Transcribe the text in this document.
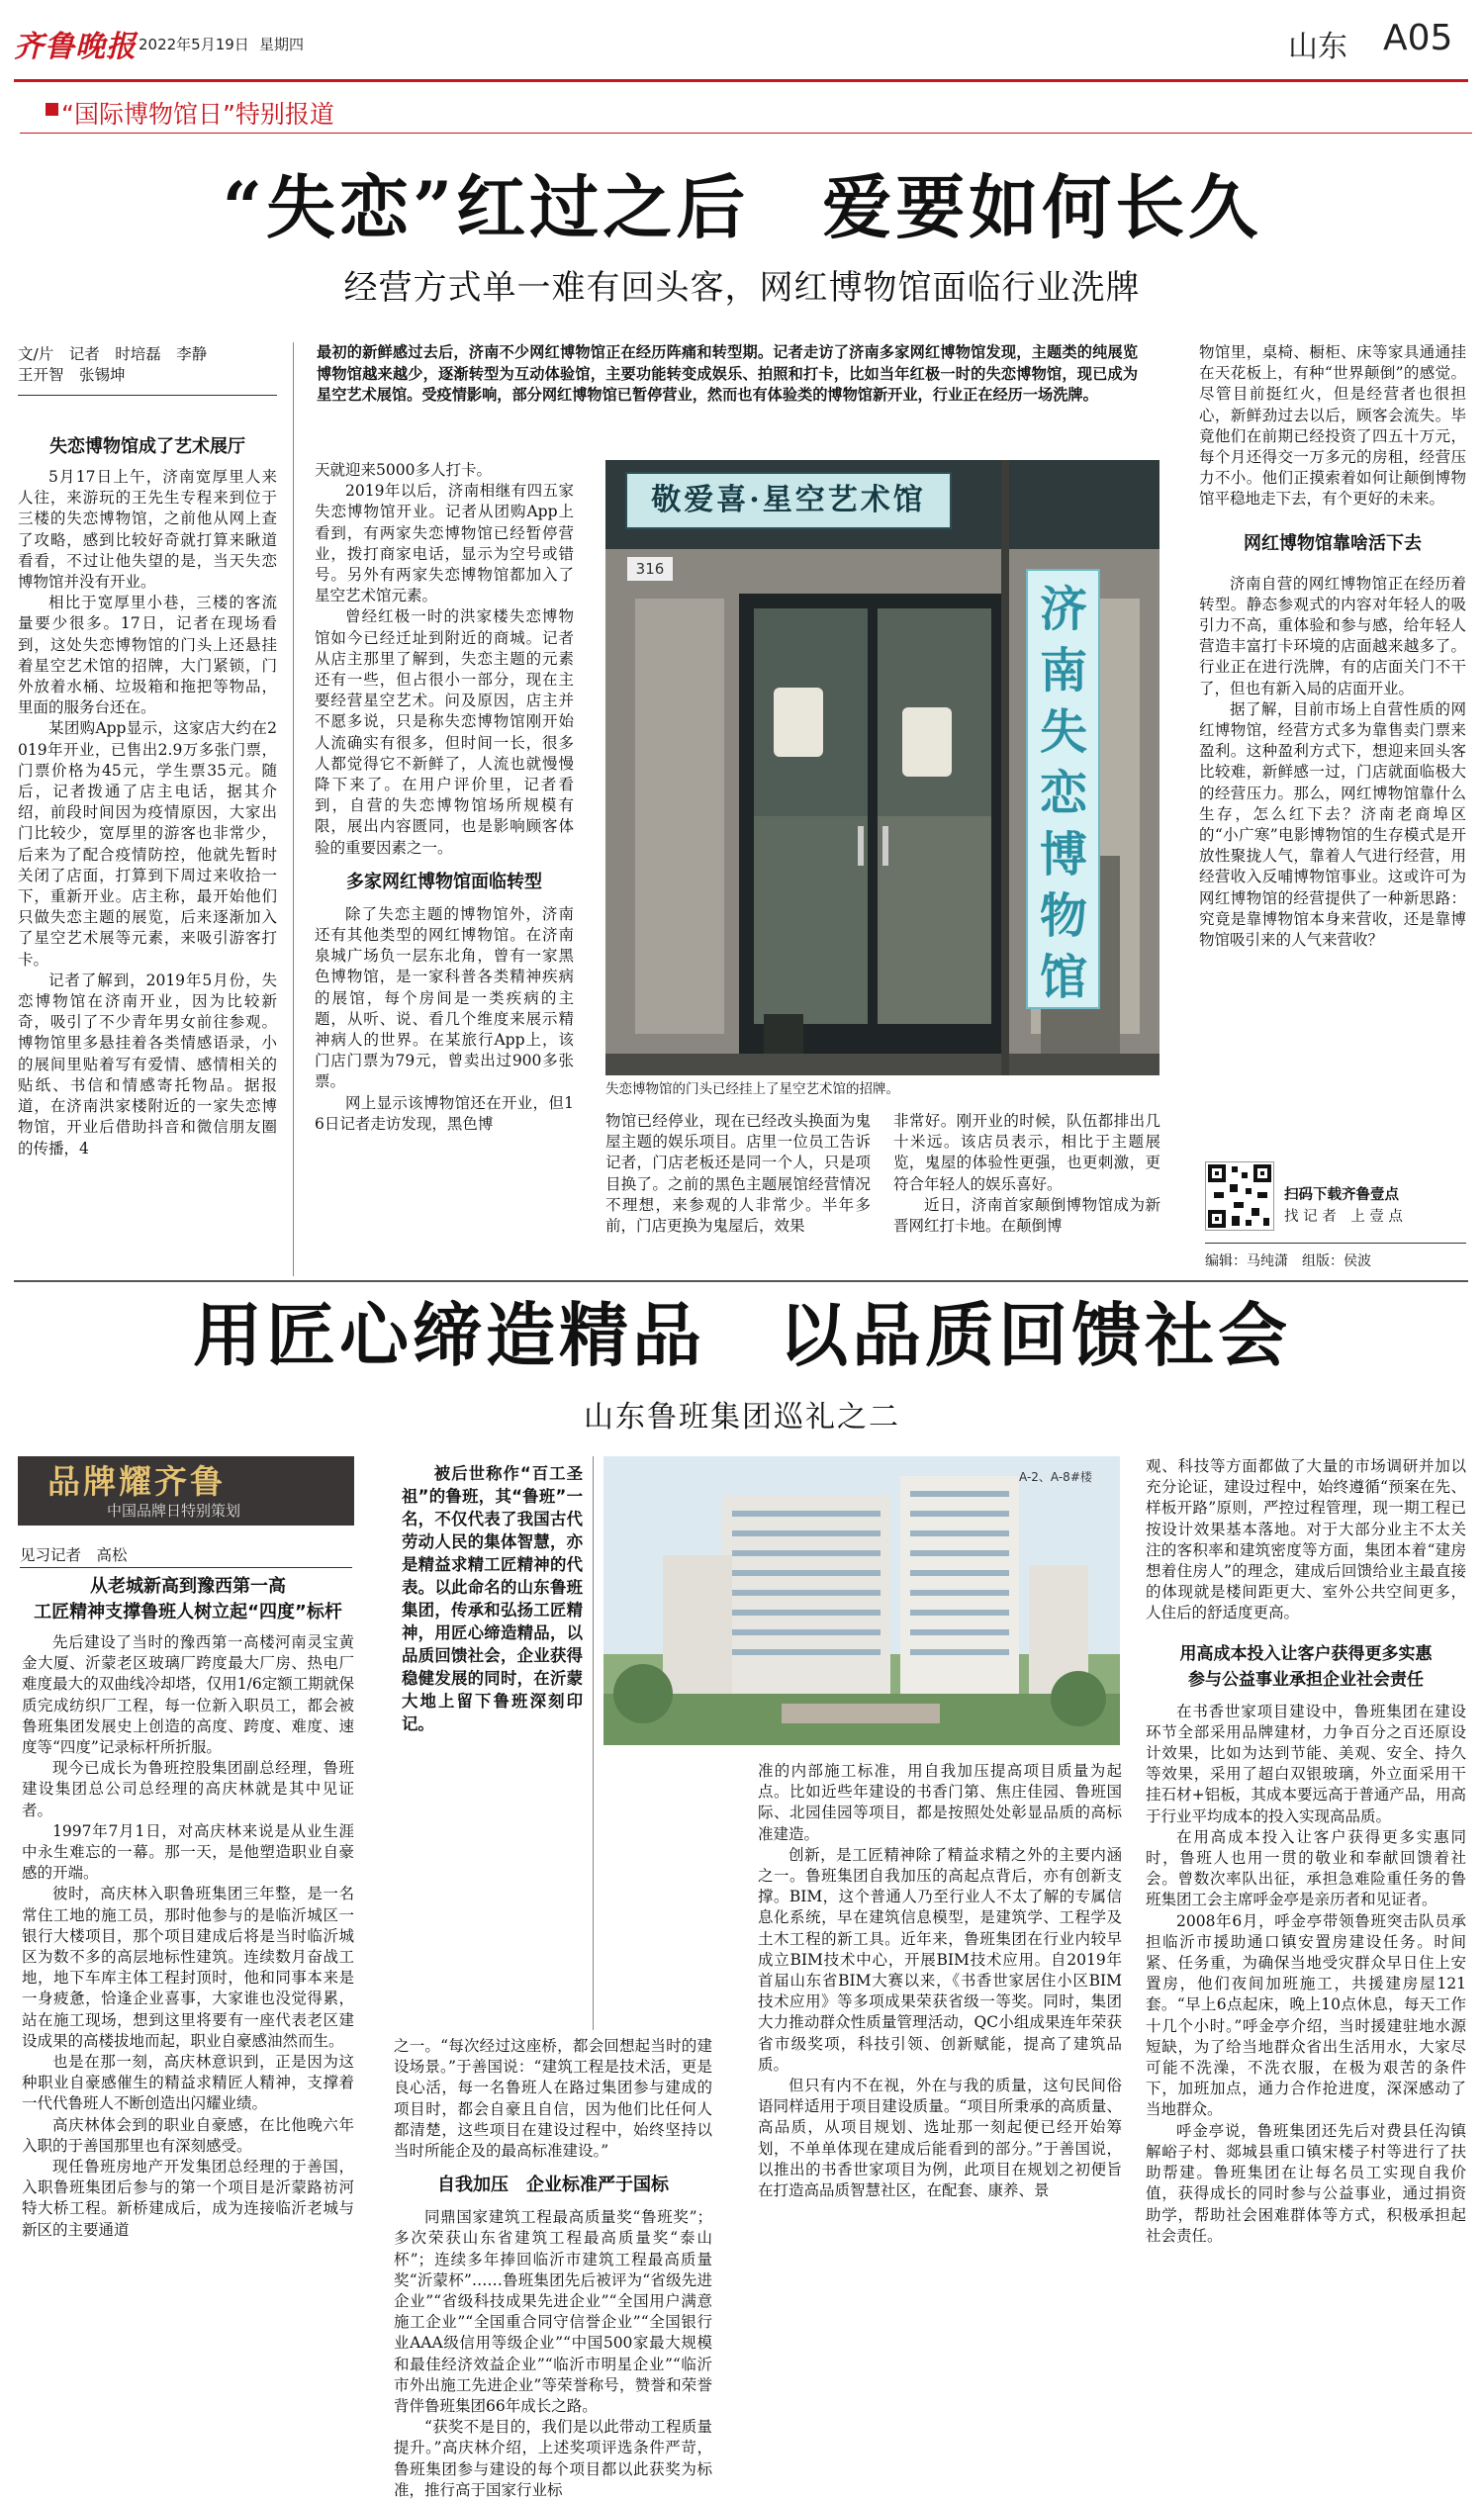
齐鲁晚报 2022年5月19日 星期四	山东 A05
“国际博物馆日”特别报道
“失恋”红过之后　爱要如何长久
经营方式单一难有回头客，网红博物馆面临行业洗牌
文/片　记者　时培磊　李静
王开智　张锡坤
最初的新鲜感过去后，济南不少网红博物馆正在经历阵痛和转型期。记者走访了济南多家网红博物馆发现，主题类的纯展览博物馆越来越少，逐渐转型为互动体验馆，主要功能转变成娱乐、拍照和打卡，比如当年红极一时的失恋博物馆，现已成为星空艺术展馆。受疫情影响，部分网红博物馆已暂停营业，然而也有体验类的博物馆新开业，行业正在经历一场洗牌。
失恋博物馆成了艺术展厅

5月17日上午，济南宽厚里人来人往，来游玩的王先生专程来到位于三楼的失恋博物馆，之前他从网上查了攻略，感到比较好奇就打算来瞅道看看，不过让他失望的是，当天失恋博物馆并没有开业。

相比于宽厚里小巷，三楼的客流量要少很多。17日，记者在现场看到，这处失恋博物馆的门头上还悬挂着星空艺术馆的招牌，大门紧锁，门外放着水桶、垃圾箱和拖把等物品，里面的服务台还在。

某团购App显示，这家店大约在2019年开业，已售出2.9万多张门票，门票价格为45元，学生票35元。随后，记者拨通了店主电话，据其介绍，前段时间因为疫情原因，大家出门比较少，宽厚里的游客也非常少，后来为了配合疫情防控，他就先暂时关闭了店面，打算到下周过来收拾一下，重新开业。店主称，最开始他们只做失恋主题的展览，后来逐渐加入了星空艺术展等元素，来吸引游客打卡。

记者了解到，2019年5月份，失恋博物馆在济南开业，因为比较新奇，吸引了不少青年男女前往参观。博物馆里多悬挂着各类情感语录，小的展间里贴着写有爱情、感情相关的贴纸、书信和情感寄托物品。据报道，在济南洪家楼附近的一家失恋博物馆，开业后借助抖音和微信朋友圈的传播，4

天就迎来5000多人打卡。

2019年以后，济南相继有四五家失恋博物馆开业。记者从团购App上看到，有两家失恋博物馆已经暂停营业，拨打商家电话，显示为空号或错号。另外有两家失恋博物馆都加入了星空艺术馆元素。

曾经红极一时的洪家楼失恋博物馆如今已经迁址到附近的商城。记者从店主那里了解到，失恋主题的元素还有一些，但占很小一部分，现在主要经营星空艺术。问及原因，店主并不愿多说，只是称失恋博物馆刚开始人流确实有很多，但时间一长，很多人都觉得它不新鲜了，人流也就慢慢降下来了。在用户评价里，记者看到，自营的失恋博物馆场所规模有限，展出内容匮同，也是影响顾客体验的重要因素之一。

多家网红博物馆面临转型

除了失恋主题的博物馆外，济南还有其他类型的网红博物馆。在济南泉城广场负一层东北角，曾有一家黑色博物馆，是一家科普各类精神疾病的展馆，每个房间是一类疾病的主题，从听、说、看几个维度来展示精神病人的世界。在某旅行App上，该门店门票为79元，曾卖出过900多张票。

网上显示该博物馆还在开业，但16日记者走访发现，黑色博

敬爱喜·星空艺术馆
316
济南失恋博物馆
失恋博物馆的门头已经挂上了星空艺术馆的招牌。

物馆已经停业，现在已经改头换面为鬼屋主题的娱乐项目。店里一位员工告诉记者，门店老板还是同一个人，只是项目换了。之前的黑色主题展馆经营情况不理想，来参观的人非常少。半年多前，门店更换为鬼屋后，效果

非常好。刚开业的时候，队伍都排出几十米远。该店员表示，相比于主题展览，鬼屋的体验性更强，也更刺激，更符合年轻人的娱乐喜好。

近日，济南首家颠倒博物馆成为新晋网红打卡地。在颠倒博

物馆里，桌椅、橱柜、床等家具通通挂在天花板上，有种“世界颠倒”的感觉。尽管目前挺红火，但是经营者也很担心，新鲜劲过去以后，顾客会流失。毕竟他们在前期已经投资了四五十万元，每个月还得交一万多元的房租，经营压力不小。他们正摸索着如何让颠倒博物馆平稳地走下去，有个更好的未来。

网红博物馆靠啥活下去

济南自营的网红博物馆正在经历着转型。静态参观式的内容对年轻人的吸引力不高，重体验和参与感，给年轻人营造丰富打卡环境的店面越来越多了。行业正在进行洗牌，有的店面关门不干了，但也有新入局的店面开业。

据了解，目前市场上自营性质的网红博物馆，经营方式多为靠售卖门票来盈利。这种盈利方式下，想迎来回头客比较难，新鲜感一过，门店就面临极大的经营压力。那么，网红博物馆靠什么生存，怎么红下去？济南老商埠区的“小广寒”电影博物馆的生存模式是开放性聚拢人气，靠着人气进行经营，用经营收入反哺博物馆事业。这或许可为网红博物馆的经营提供了一种新思路：究竟是靠博物馆本身来营收，还是靠博物馆吸引来的人气来营收？

扫码下载齐鲁壹点
找 记 者　上 壹 点
编辑：马纯潇　组版：侯波
用匠心缔造精品　以品质回馈社会
山东鲁班集团巡礼之二
品牌耀齐鲁
中国品牌日特别策划
见习记者　高松
从老城新高到豫西第一高
工匠精神支撑鲁班人树立起“四度”标杆

先后建设了当时的豫西第一高楼河南灵宝黄金大厦、沂蒙老区玻璃厂跨度最大厂房、热电厂难度最大的双曲线冷却塔，仅用1/6定额工期就保质完成纺织厂工程，每一位新入职员工，都会被鲁班集团发展史上创造的高度、跨度、难度、速度等“四度”记录标杆所折服。

现今已成长为鲁班控股集团副总经理，鲁班建设集团总公司总经理的高庆林就是其中见证者。

1997年7月1日，对高庆林来说是从业生涯中永生难忘的一幕。那一天，是他塑造职业自豪感的开端。

彼时，高庆林入职鲁班集团三年整，是一名常住工地的施工员，那时他参与的是临沂城区一银行大楼项目，那个项目建成后将是当时临沂城区为数不多的高层地标性建筑。连续数月奋战工地，地下车库主体工程封顶时，他和同事本来是一身疲惫，恰逢企业喜事，大家谁也没觉得累，站在施工现场，想到这里将要有一座代表老区建设成果的高楼拔地而起，职业自豪感油然而生。

也是在那一刻，高庆林意识到，正是因为这种职业自豪感催生的精益求精匠人精神，支撑着一代代鲁班人不断创造出闪耀业绩。

高庆林体会到的职业自豪感，在比他晚六年入职的于善国那里也有深刻感受。

现任鲁班房地产开发集团总经理的于善国，入职鲁班集团后参与的第一个项目是沂蒙路祊河特大桥工程。新桥建成后，成为连接临沂老城与新区的主要通道

被后世称作“百工圣祖”的鲁班，其“鲁班”一名，不仅代表了我国古代劳动人民的集体智慧，亦是精益求精工匠精神的代表。以此命名的山东鲁班集团，传承和弘扬工匠精神，用匠心缔造精品，以品质回馈社会，企业获得稳健发展的同时，在沂蒙大地上留下鲁班深刻印记。
A-2、A-8#楼

之一。“每次经过这座桥，都会回想起当时的建设场景。”于善国说：“建筑工程是技术活，更是良心活，每一名鲁班人在路过集团参与建成的项目时，都会自豪且自信，因为他们比任何人都清楚，这些项目在建设过程中，始终坚持以当时所能企及的最高标准建设。”

自我加压　企业标准严于国标

同鼎国家建筑工程最高质量奖“鲁班奖”；多次荣获山东省建筑工程最高质量奖“泰山杯”；连续多年捧回临沂市建筑工程最高质量奖“沂蒙杯”……鲁班集团先后被评为“省级先进企业”“省级科技成果先进企业”“全国用户满意施工企业”“全国重合同守信誉企业”“全国银行业AAA级信用等级企业”“中国500家最大规模和最佳经济效益企业”“临沂市明星企业”“临沂市外出施工先进企业”等荣誉称号，赞誉和荣誉背伴鲁班集团66年成长之路。

“获奖不是目的，我们是以此带动工程质量提升。”高庆林介绍，上述奖项评选条件严苛，鲁班集团参与建设的每个项目都以此获奖为标准，推行高于国家行业标

准的内部施工标准，用自我加压提高项目质量为起点。比如近些年建设的书香门第、焦庄佳园、鲁班国际、北园佳园等项目，都是按照处处彰显品质的高标准建造。

创新，是工匠精神除了精益求精之外的主要内涵之一。鲁班集团自我加压的高起点背后，亦有创新支撑。BIM，这个普通人乃至行业人不太了解的专属信息化系统，早在建筑信息模型，是建筑学、工程学及土木工程的新工具。近年来，鲁班集团在行业内较早成立BIM技术中心，开展BIM技术应用。自2019年首届山东省BIM大赛以来，《书香世家居住小区BIM技术应用》等多项成果荣获省级一等奖。同时，集团大力推动群众性质量管理活动，QC小组成果连年荣获省市级奖项，科技引领、创新赋能，提高了建筑品质。

但只有内不在视，外在与我的质量，这句民间俗语同样适用于项目建设质量。“项目所秉承的高质量、高品质，从项目规划、选址那一刻起便已经开始筹划，不单单体现在建成后能看到的部分。”于善国说，以推出的书香世家项目为例，此项目在规划之初便旨在打造高品质智慧社区，在配套、康养、景

观、科技等方面都做了大量的市场调研并加以充分论证，建设过程中，始终遵循“预案在先、样板开路”原则，严控过程管理，现一期工程已按设计效果基本落地。对于大部分业主不太关注的客积率和建筑密度等方面，集团本着“建房想着住房人”的理念，建成后回馈给业主最直接的体现就是楼间距更大、室外公共空间更多，人住后的舒适度更高。

用高成本投入让客户获得更多实惠
参与公益事业承担企业社会责任

在书香世家项目建设中，鲁班集团在建设环节全部采用品牌建材，力争百分之百还原设计效果，比如为达到节能、美观、安全、持久等效果，采用了超白双银玻璃，外立面采用干挂石材+铝板，其成本要远高于普通产品，用高于行业平均成本的投入实现高品质。

在用高成本投入让客户获得更多实惠同时，鲁班人也用一贯的敬业和奉献回馈着社会。曾数次率队出征，承担急难险重任务的鲁班集团工会主席呼金亭是亲历者和见证者。

2008年6月，呼金亭带领鲁班突击队员承担临沂市援助通口镇安置房建设任务。时间紧、任务重，为确保当地受灾群众早日住上安置房，他们夜间加班施工，共援建房屋121套。“早上6点起床，晚上10点休息，每天工作十几个小时。”呼金亭介绍，当时援建驻地水源短缺，为了给当地群众省出生活用水，大家尽可能不洗澡，不洗衣服，在极为艰苦的条件下，加班加点，通力合作抢进度，深深感动了当地群众。

呼金亭说，鲁班集团还先后对费县任沟镇解峪子村、郯城县重口镇宋楼子村等进行了扶助帮建。鲁班集团在让每名员工实现自我价值，获得成长的同时参与公益事业，通过捐资助学，帮助社会困难群体等方式，积极承担起社会责任。
